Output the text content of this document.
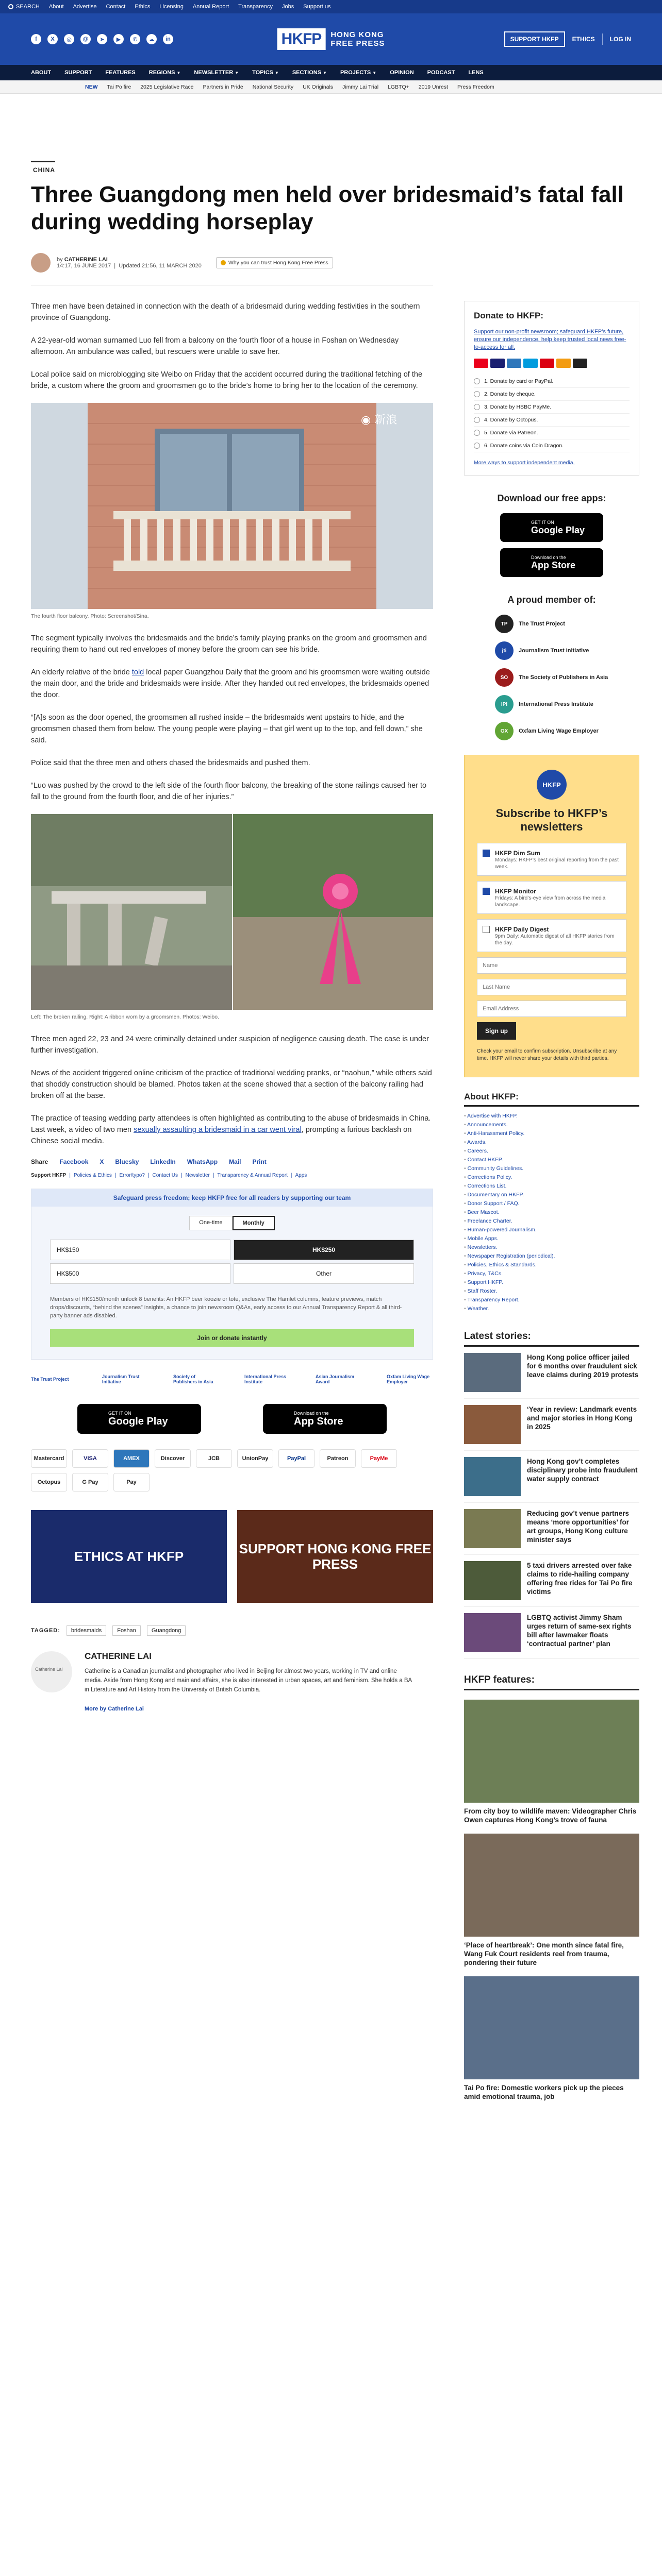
SEARCH About Advertise Contact Ethics Licensing Annual Report Transparency Jobs Support us
f	X	◎	@	➤	▶	✆	☁	in	HKFP	HONG KONG
FREE PRESS	SUPPORT HKFP	ETHICS LOG IN
ABOUT SUPPORT FEATURES REGIONS ▼ NEWSLETTER ▼ TOPICS ▼ SECTIONS ▼ PROJECTS ▼ OPINION PODCAST LENS
NEW Tai Po fire 2025 Legislative Race Partners in Pride National Security UK Originals Jimmy Lai Trial LGBTQ+ 2019 Unrest Press Freedom
CHINA
Three Guangdong men held over bridesmaid’s fatal fall during wedding horseplay
by CATHERINE LAI
14:17, 16 JUNE 2017  |  Updated 21:56, 11 MARCH 2020	Why you can trust Hong Kong Free Press

Three men have been detained in connection with the death of a bridesmaid during wedding festivities in the southern province of Guangdong.

A 22-year-old woman surnamed Luo fell from a balcony on the fourth floor of a house in Foshan on Wednesday afternoon. An ambulance was called, but rescuers were unable to save her.

Local police said on microblogging site Weibo on Friday that the accident occurred during the traditional fetching of the bride, a custom where the groom and groomsmen go to the bride’s home to bring her to the location of the ceremony.

◉ 新浪
The fourth floor balcony. Photo: Screenshot/Sina.

The segment typically involves the bridesmaids and the bride’s family playing pranks on the groom and groomsmen and requiring them to hand out red envelopes of money before the groom can see his bride.

An elderly relative of the bride told local paper Guangzhou Daily that the groom and his groomsmen were waiting outside the main door, and the bride and bridesmaids were inside. After they handed out red envelopes, the bridesmaids opened the door.

“[A]s soon as the door opened, the groomsmen all rushed inside – the bridesmaids went upstairs to hide, and the groomsmen chased them from below. The young people were playing – that girl went up to the top, and fell down,” she said.

Police said that the three men and others chased the bridesmaids and pushed them.

“Luo was pushed by the crowd to the left side of the fourth floor balcony, the breaking of the stone railings caused her to fall to the ground from the fourth floor, and die of her injuries.”

Left: The broken railing. Right: A ribbon worn by a groomsmen. Photos: Weibo.

Three men aged 22, 23 and 24 were criminally detained under suspicion of negligence causing death. The case is under further investigation.

News of the accident triggered online criticism of the practice of traditional wedding pranks, or “naohun,” while others said that shoddy construction should be blamed. Photos taken at the scene showed that a section of the balcony railing had broken off at the base.

The practice of teasing wedding party attendees is often highlighted as contributing to the abuse of bridesmaids in China. Last week, a video of two men sexually assaulting a bridesmaid in a car went viral, prompting a furious backlash on Chinese social media.

Share Facebook X Bluesky LinkedIn WhatsApp Mail Print
Support HKFP | Policies & Ethics | Error/typo? | Contact Us | Newsletter | Transparency & Annual Report | Apps
Safeguard press freedom; keep HKFP free for all readers by supporting our team
One-time	Monthly
HK$150	HK$250
HK$500	Other
Members of HK$150/month unlock 8 benefits: An HKFP beer koozie or tote, exclusive The Hamlet columns, feature previews, match drops/discounts, “behind the scenes” insights, a chance to join newsroom Q&As, early access to our Annual Transparency Report & all third-party banner ads disabled.
Join or donate instantly
The Trust Project	Journalism Trust Initiative
Society of Publishers in Asia
International Press Institute
Asian Journalism Award
Oxfam Living Wage Employer
GET IT ON
Google Play
Download on the
App Store
Mastercard	VISA	AMEX	Discover	JCB	UnionPay	PayPal	Patreon	PayMe
Octopus	G Pay	Pay
ETHICS AT HKFP	SUPPORT HONG KONG FREE PRESS
TAGGED:	bridesmaids	Foshan	Guangdong
Catherine Lai
CATHERINE LAI

Catherine is a Canadian journalist and photographer who lived in Beijing for almost two years, working in TV and online media. Aside from Hong Kong and mainland affairs, she is also interested in urban spaces, art and feminism. She holds a BA in Literature and Art History from the University of British Columbia.

More by Catherine Lai
Donate to HKFP:

Support our non-profit newsroom; safeguard HKFP’s future, ensure our independence, help keep trusted local news free-to-access for all.

1. Donate by card or PayPal.
2. Donate by cheque.
3. Donate by HSBC PayMe.
4. Donate by Octopus.
5. Donate via Patreon.
6. Donate coins via Coin Dragon.
More ways to support independent media.
Download our free apps:
GET IT ON
Google Play
Download on the
App Store
A proud member of:
TP	The Trust Project
jti	Journalism Trust Initiative
SO	The Society of Publishers in Asia
IPI	International Press Institute
OX	Oxfam Living Wage Employer
HKFP
Subscribe to HKFP’s newsletters
HKFP Dim Sum

Mondays: HKFP’s best original reporting from the past week.

HKFP Monitor

Fridays: A bird’s-eye view from across the media landscape.

HKFP Daily Digest

9pm Daily: Automatic digest of all HKFP stories from the day.

Name Last Name Email Address Sign up

Check your email to confirm subscription. Unsubscribe at any time. HKFP will never share your details with third parties.

About HKFP:
• Advertise with HKFP.
• Announcements.
• Anti-Harassment Policy.
• Awards.
• Careers.
• Contact HKFP.
• Community Guidelines.
• Corrections Policy.
• Corrections List.
• Documentary on HKFP.
• Donor Support / FAQ.
• Beer Mascot.
• Freelance Charter.
• Human-powered Journalism.
• Mobile Apps.
• Newsletters.
• Newspaper Registration (periodical).
• Policies, Ethics & Standards.
• Privacy, T&Cs.
• Support HKFP.
• Staff Roster.
• Transparency Report.
• Weather.
Latest stories:
Hong Kong police officer jailed for 6 months over fraudulent sick leave claims during 2019 protests
‘Year in review: Landmark events and major stories in Hong Kong in 2025
Hong Kong gov’t completes disciplinary probe into fraudulent water supply contract
Reducing gov’t venue partners means ‘more opportunities’ for art groups, Hong Kong culture minister says
5 taxi drivers arrested over fake claims to ride-hailing company offering free rides for Tai Po fire victims
LGBTQ activist Jimmy Sham urges return of same-sex rights bill after lawmaker floats ‘contractual partner’ plan
HKFP features:
From city boy to wildlife maven: Videographer Chris Owen captures Hong Kong’s trove of fauna
‘Place of heartbreak’: One month since fatal fire, Wang Fuk Court residents reel from trauma, pondering their future
Tai Po fire: Domestic workers pick up the pieces amid emotional trauma, job
